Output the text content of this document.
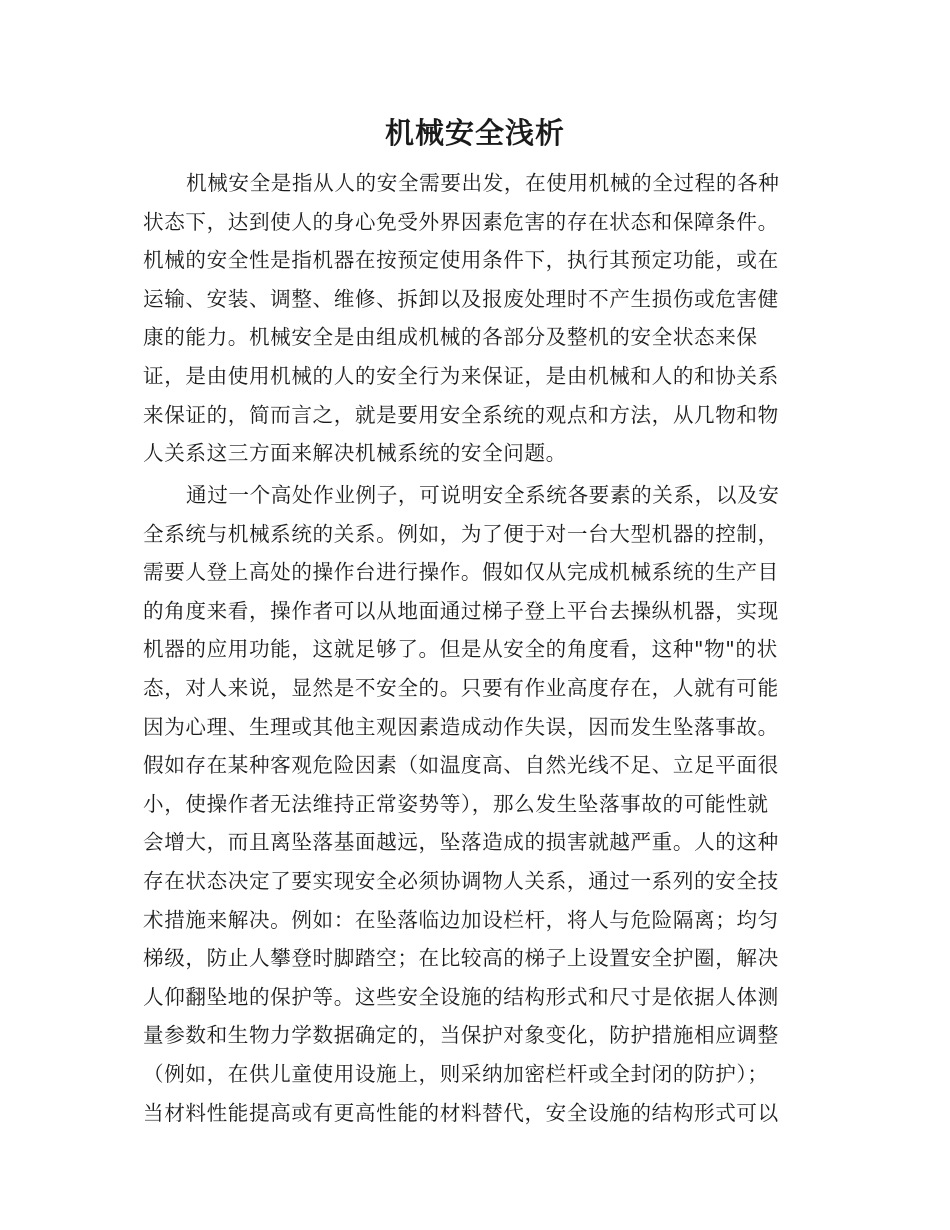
机械安全浅析
机械安全是指从人的安全需要出发，在使用机械的全过程的各种
状态下，达到使人的身心免受外界因素危害的存在状态和保障条件。
机械的安全性是指机器在按预定使用条件下，执行其预定功能，或在
运输、安装、调整、维修、拆卸以及报废处理时不产生损伤或危害健
康的能力。机械安全是由组成机械的各部分及整机的安全状态来保
证，是由使用机械的人的安全行为来保证，是由机械和人的和协关系
来保证的，简而言之，就是要用安全系统的观点和方法，从几物和物
人关系这三方面来解决机械系统的安全问题。
通过一个高处作业例子，可说明安全系统各要素的关系，以及安
全系统与机械系统的关系。例如，为了便于对一台大型机器的控制，
需要人登上高处的操作台进行操作。假如仅从完成机械系统的生产目
的角度来看，操作者可以从地面通过梯子登上平台去操纵机器，实现
机器的应用功能，这就足够了。但是从安全的角度看，这种"物"的状
态，对人来说，显然是不安全的。只要有作业高度存在，人就有可能
因为心理、生理或其他主观因素造成动作失误，因而发生坠落事故。
假如存在某种客观危险因素（如温度高、自然光线不足、立足平面很
小，使操作者无法维持正常姿势等），那么发生坠落事故的可能性就
会增大，而且离坠落基面越远，坠落造成的损害就越严重。人的这种
存在状态决定了要实现安全必须协调物人关系，通过一系列的安全技
术措施来解决。例如：在坠落临边加设栏杆，将人与危险隔离；均匀
梯级，防止人攀登时脚踏空；在比较高的梯子上设置安全护圈，解决
人仰翻坠地的保护等。这些安全设施的结构形式和尺寸是依据人体测
量参数和生物力学数据确定的，当保护对象变化，防护措施相应调整
（例如，在供儿童使用设施上，则采纳加密栏杆或全封闭的防护）；
当材料性能提高或有更高性能的材料替代，安全设施的结构形式可以
